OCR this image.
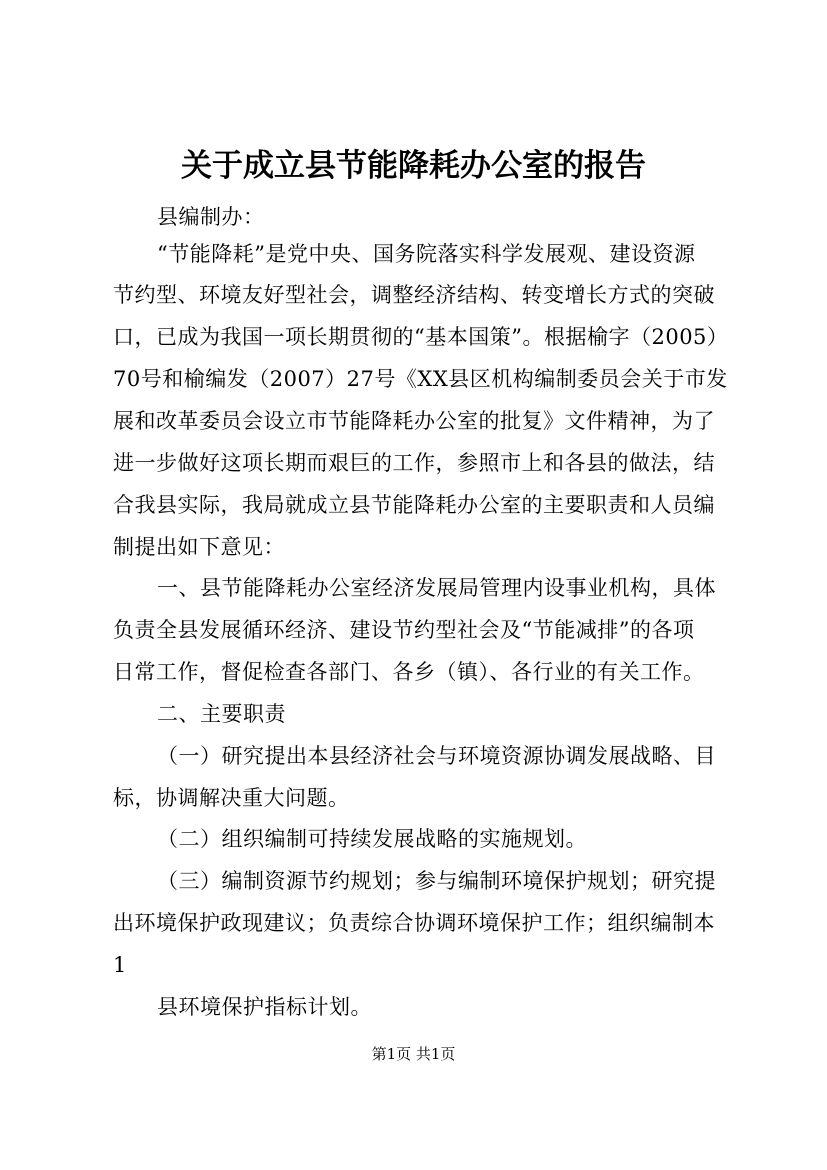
关于成立县节能降耗办公室的报告
县编制办：
“节能降耗”是党中央、国务院落实科学发展观、建设资源
节约型、环境友好型社会，调整经济结构、转变增长方式的突破
口，已成为我国一项长期贯彻的“基本国策”。根据榆字（2005）
70号和榆编发（2007）27号《XX县区机构编制委员会关于市发
展和改革委员会设立市节能降耗办公室的批复》文件精神，为了
进一步做好这项长期而艰巨的工作，参照市上和各县的做法，结
合我县实际，我局就成立县节能降耗办公室的主要职责和人员编
制提出如下意见：
一、县节能降耗办公室经济发展局管理内设事业机构，具体
负责全县发展循环经济、建设节约型社会及“节能减排”的各项
日常工作，督促检查各部门、各乡（镇）、各行业的有关工作。
二、主要职责
（一）研究提出本县经济社会与环境资源协调发展战略、目
标，协调解决重大问题。
（二）组织编制可持续发展战略的实施规划。
（三）编制资源节约规划；参与编制环境保护规划；研究提
出环境保护政现建议；负责综合协调环境保护工作；组织编制本
1
县环境保护指标计划。
第1页 共1页
